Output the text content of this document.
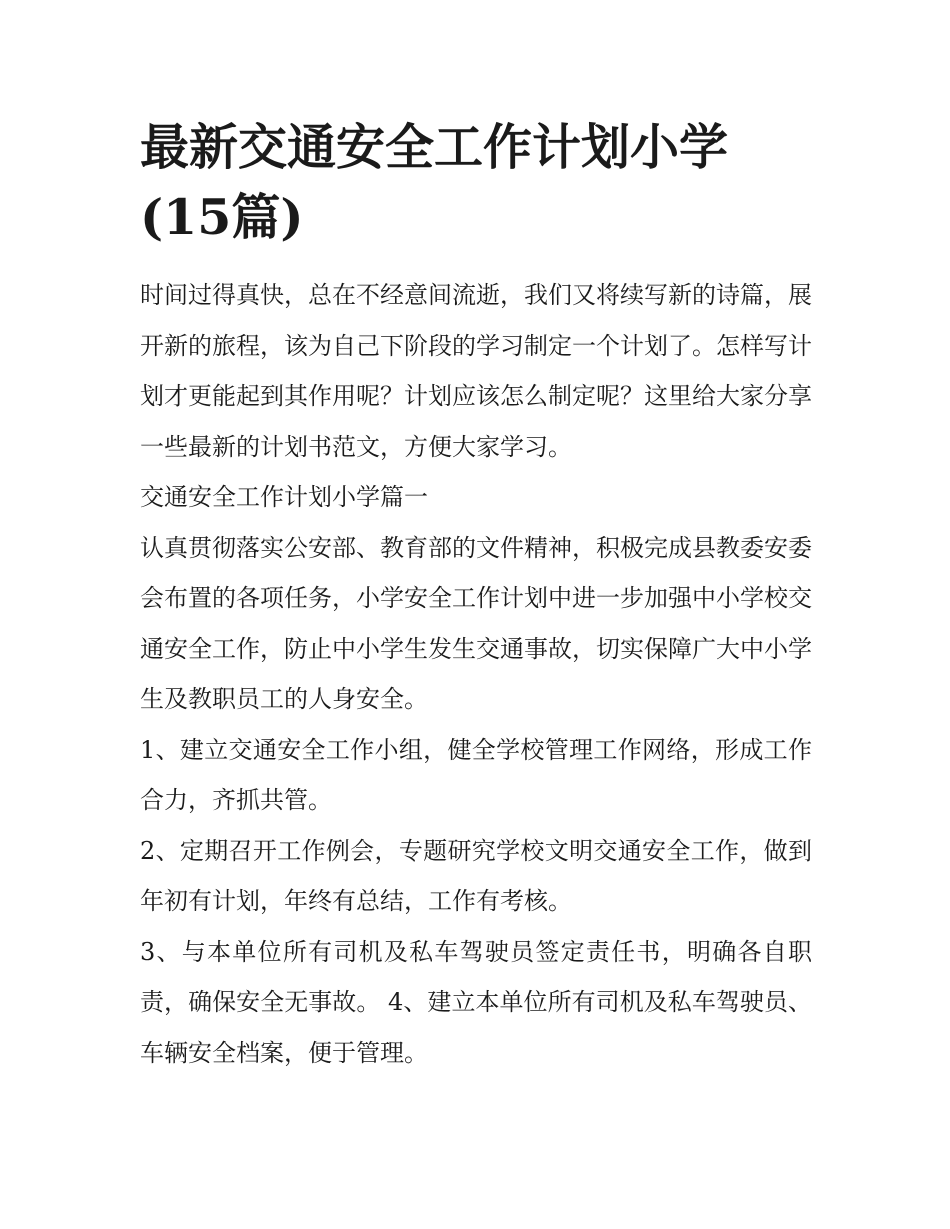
最新交通安全工作计划小学(15篇)

时间过得真快，总在不经意间流逝，我们又将续写新的诗篇，展开新的旅程，该为自己下阶段的学习制定一个计划了。怎样写计划才更能起到其作用呢？计划应该怎么制定呢？这里给大家分享一些最新的计划书范文，方便大家学习。

交通安全工作计划小学篇一

认真贯彻落实公安部、教育部的文件精神，积极完成县教委安委会布置的各项任务，小学安全工作计划中进一步加强中小学校交通安全工作，防止中小学生发生交通事故，切实保障广大中小学生及教职员工的人身安全。

1、建立交通安全工作小组，健全学校管理工作网络，形成工作合力，齐抓共管。

2、定期召开工作例会，专题研究学校文明交通安全工作，做到年初有计划，年终有总结，工作有考核。

3、与本单位所有司机及私车驾驶员签定责任书，明确各自职责，确保安全无事故。 4、建立本单位所有司机及私车驾驶员、车辆安全档案，便于管理。
